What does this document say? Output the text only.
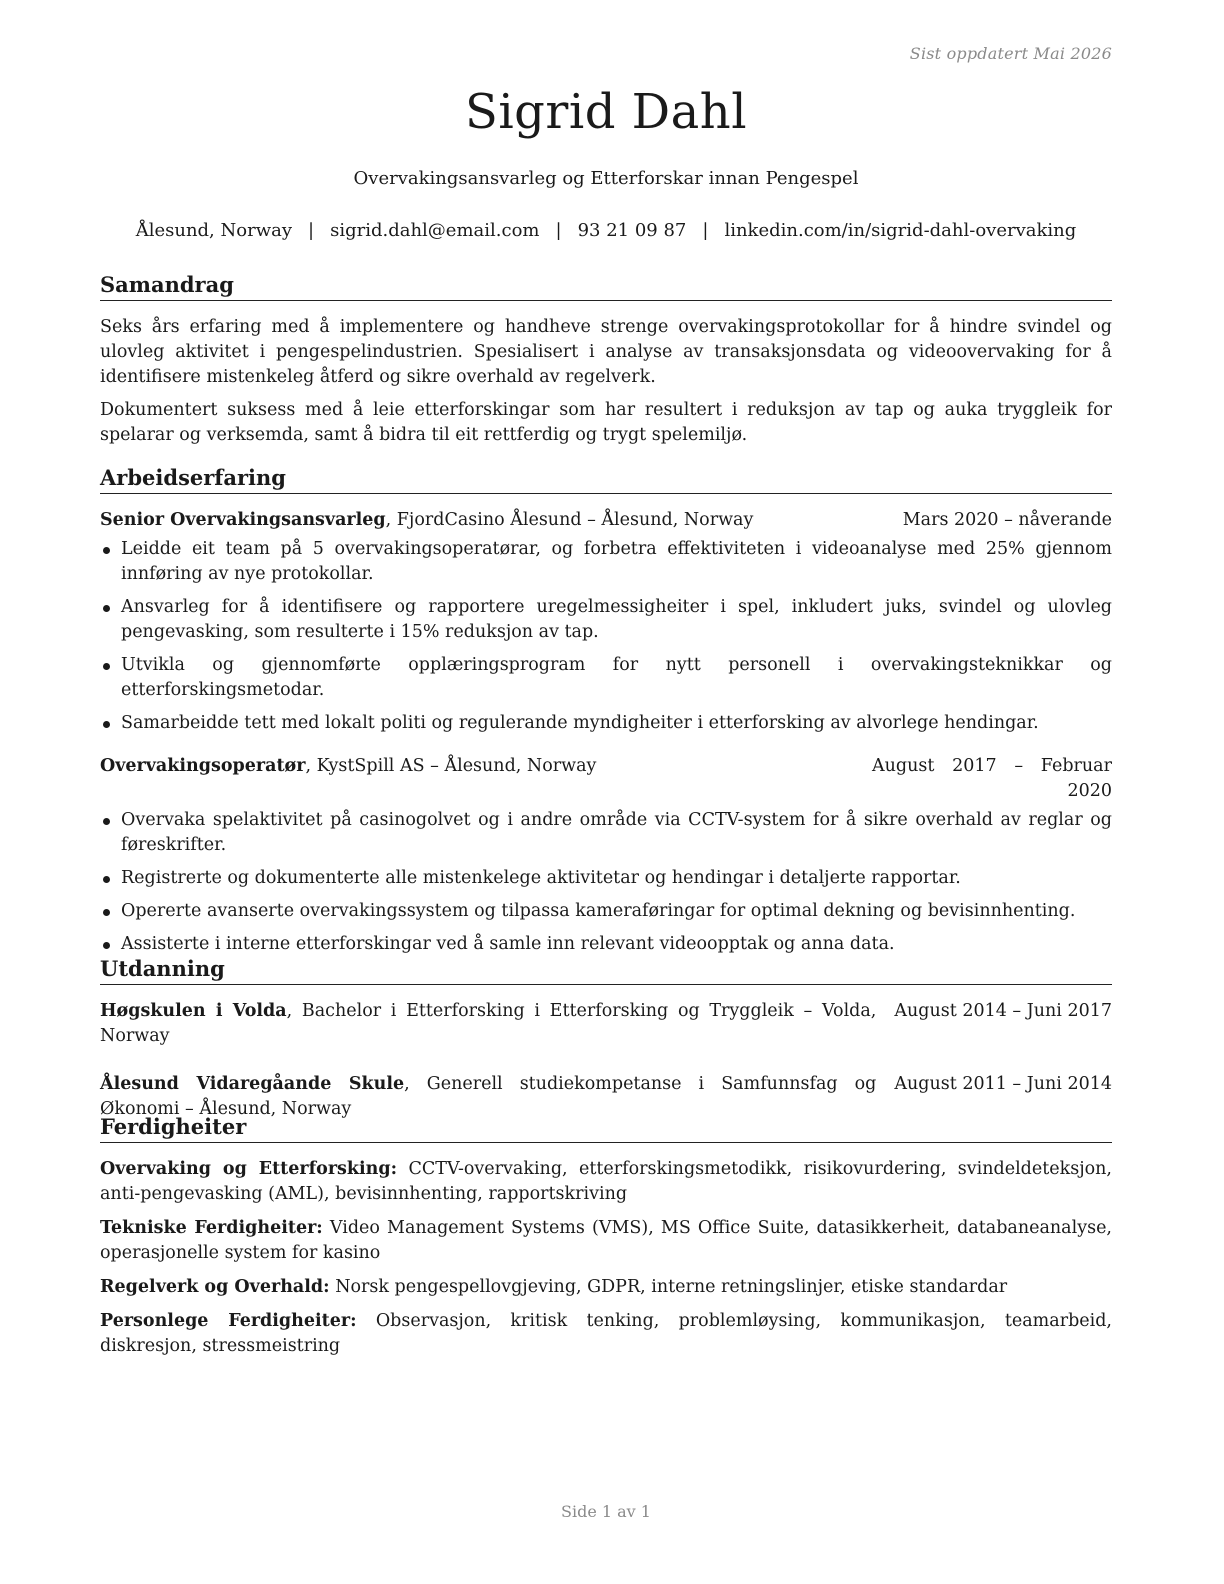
Sist oppdatert Mai 2026
Sigrid Dahl
Overvakingsansvarleg og Etterforskar innan Pengespel
Ålesund, Norway | sigrid.dahl@email.com | 93 21 09 87 | linkedin.com/in/sigrid-dahl-overvaking
Samandrag

Seks års erfaring med å implementere og handheve strenge overvakingsprotokollar for å hindre svindel og ulovleg aktivitet i pengespelindustrien. Spesialisert i analyse av transaksjonsdata og videoovervaking for å identifisere mistenkeleg åtferd og sikre overhald av regelverk.

Dokumentert suksess med å leie etterforskingar som har resultert i reduksjon av tap og auka tryggleik for spelarar og verksemda, samt å bidra til eit rettferdig og trygt spelemiljø.

Arbeidserfaring
Senior Overvakingsansvarleg, FjordCasino Ålesund – Ålesund, Norway	Mars 2020 – nåverande
Leidde eit team på 5 overvakingsoperatørar, og forbetra effektiviteten i videoanalyse med 25% gjennom innføring av nye protokollar.
Ansvarleg for å identifisere og rapportere uregelmessigheiter i spel, inkludert juks, svindel og ulovleg pengevasking, som resulterte i 15% reduksjon av tap.
Utvikla og gjennomførte opplæringsprogram for nytt personell i overvakingsteknikkar og etterforskingsmetodar.
Samarbeidde tett med lokalt politi og regulerande myndigheiter i etterforsking av alvorlege hendingar.
Overvakingsoperatør, KystSpill AS – Ålesund, Norway	August 2017 – Februar 2020
Overvaka spelaktivitet på casinogolvet og i andre område via CCTV-system for å sikre overhald av reglar og føreskrifter.
Registrerte og dokumenterte alle mistenkelege aktivitetar og hendingar i detaljerte rapportar.
Opererte avanserte overvakingssystem og tilpassa kameraføringar for optimal dekning og bevisinnhenting.
Assisterte i interne etterforskingar ved å samle inn relevant videoopptak og anna data.
Utdanning
Høgskulen i Volda, Bachelor i Etterforsking i Etterforsking og Tryggleik – Volda, Norway
August 2014 – Juni 2017
Ålesund Vidaregåande Skule, Generell studiekompetanse i Samfunnsfag og Økonomi – Ålesund, Norway
August 2011 – Juni 2014
Ferdigheiter
Overvaking og Etterforsking: CCTV-overvaking, etterforskingsmetodikk, risikovurdering, svindeldeteksjon, anti-pengevasking (AML), bevisinnhenting, rapportskriving
Tekniske Ferdigheiter: Video Management Systems (VMS), MS Office Suite, datasikkerheit, databaneanalyse, operasjonelle system for kasino
Regelverk og Overhald: Norsk pengespellovgjeving, GDPR, interne retningslinjer, etiske standardar
Personlege Ferdigheiter: Observasjon, kritisk tenking, problemløysing, kommunikasjon, teamarbeid, diskresjon, stressmeistring
Side 1 av 1
